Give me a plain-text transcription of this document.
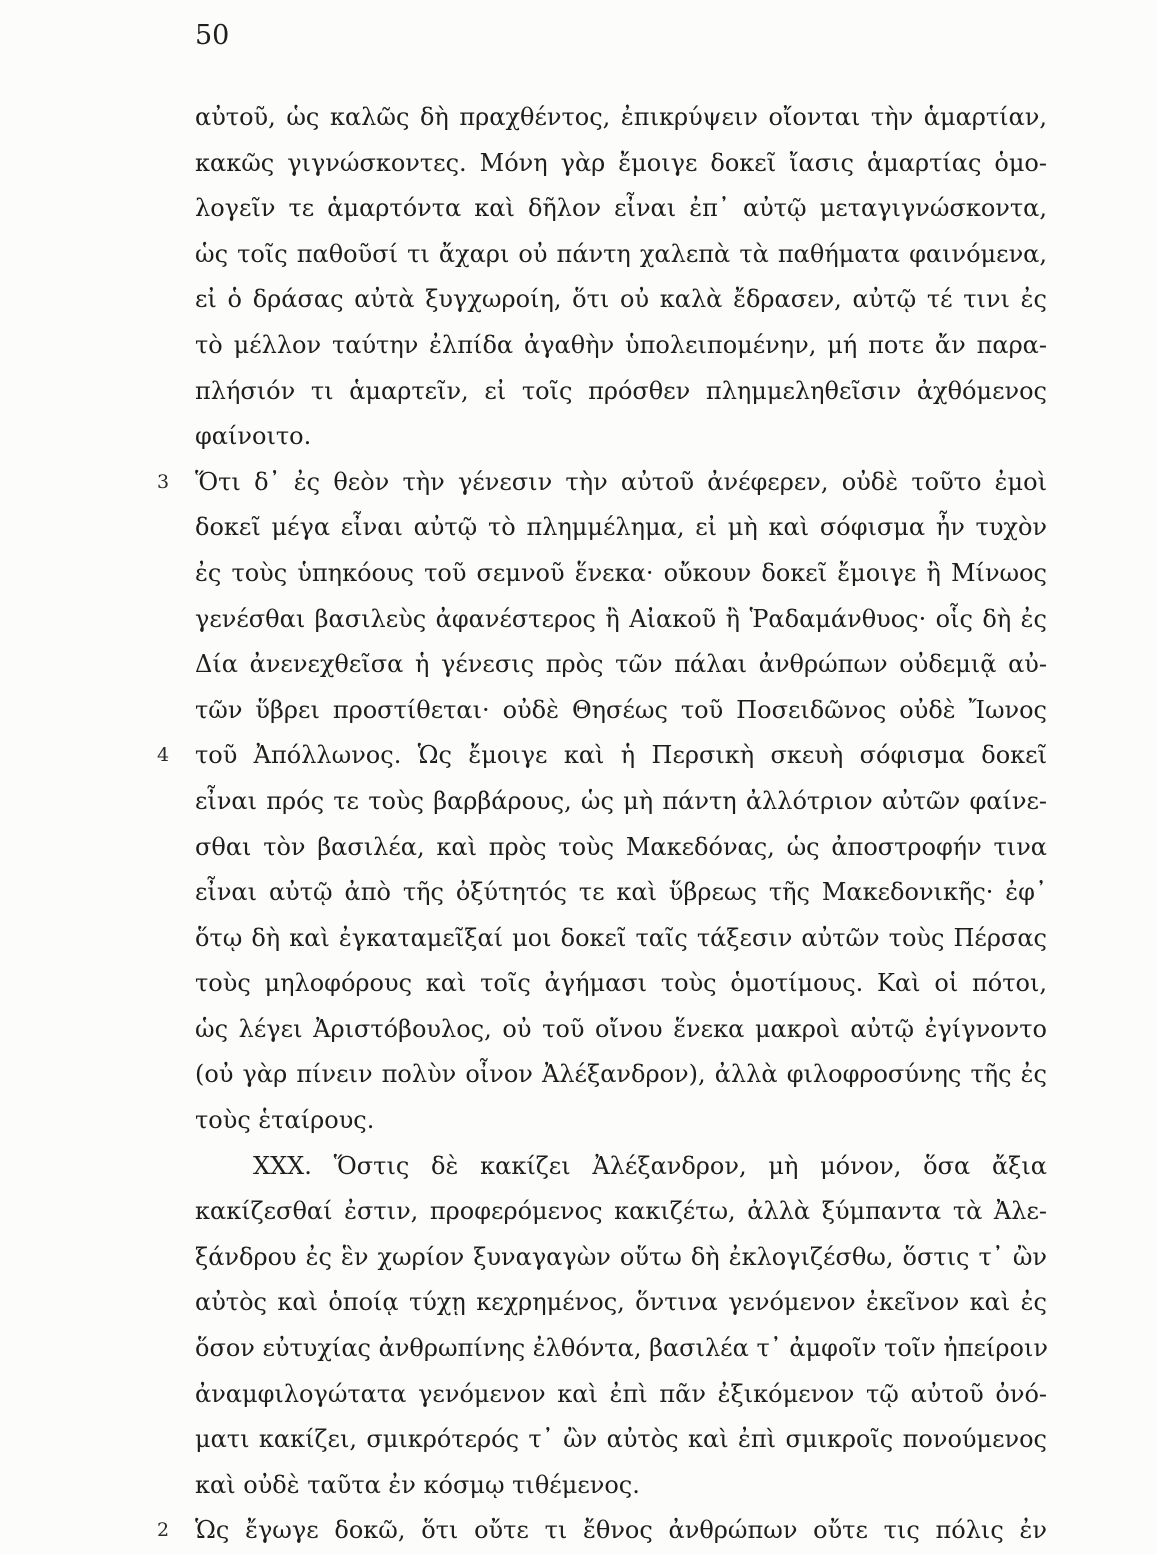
50
αὐτοῦ, ὡς καλῶς δὴ πραχθέντος, ἐπικρύψειν οἴονται τὴν ἁμαρτίαν,
κακῶς γιγνώσκοντες. Μόνη γὰρ ἔμοιγε δοκεῖ ἴασις ἁμαρτίας ὁμο-
λογεῖν τε ἁμαρτόντα καὶ δῆλον εἶναι ἐπ᾽ αὐτῷ μεταγιγνώσκοντα,
ὡς τοῖς παθοῦσί τι ἄχαρι οὐ πάντη χαλεπὰ τὰ παθήματα φαινόμενα,
εἰ ὁ δράσας αὐτὰ ξυγχωροίη, ὅτι οὐ καλὰ ἔδρασεν, αὐτῷ τέ τινι ἐς
τὸ μέλλον ταύτην ἐλπίδα ἀγαθὴν ὑπολειπομένην, μή ποτε ἄν παρα-
πλήσιόν τι ἁμαρτεῖν, εἰ τοῖς πρόσθεν πλημμεληθεῖσιν ἀχθόμενος
φαίνοιτο.
3 Ὅτι δ᾽ ἐς θεὸν τὴν γένεσιν τὴν αὐτοῦ ἀνέφερεν, οὐδὲ τοῦτο ἐμοὶ
δοκεῖ μέγα εἶναι αὐτῷ τὸ πλημμέλημα, εἰ μὴ καὶ σόφισμα ἦν τυχὸν
ἐς τοὺς ὑπηκόους τοῦ σεμνοῦ ἕνεκα· οὔκουν δοκεῖ ἔμοιγε ἢ Μίνωος
γενέσθαι βασιλεὺς ἀφανέστερος ἢ Αἰακοῦ ἢ Ῥαδαμάνθυος· οἷς δὴ ἐς
Δία ἀνενεχθεῖσα ἡ γένεσις πρὸς τῶν πάλαι ἀνθρώπων οὐδεμιᾷ αὐ-
τῶν ὕβρει προστίθεται· οὐδὲ Θησέως τοῦ Ποσειδῶνος οὐδὲ Ἴωνος
4 τοῦ Ἀπόλλωνος. Ὡς ἔμοιγε καὶ ἡ Περσικὴ σκευὴ σόφισμα δοκεῖ
εἶναι πρός τε τοὺς βαρβάρους, ὡς μὴ πάντη ἀλλότριον αὐτῶν φαίνε-
σθαι τὸν βασιλέα, καὶ πρὸς τοὺς Μακεδόνας, ὡς ἀποστροφήν τινα
εἶναι αὐτῷ ἀπὸ τῆς ὀξύτητός τε καὶ ὕβρεως τῆς Μακεδονικῆς· ἐφ᾽
ὅτῳ δὴ καὶ ἐγκαταμεῖξαί μοι δοκεῖ ταῖς τάξεσιν αὐτῶν τοὺς Πέρσας
τοὺς μηλοφόρους καὶ τοῖς ἀγήμασι τοὺς ὁμοτίμους. Καὶ οἱ πότοι,
ὡς λέγει Ἀριστόβουλος, οὐ τοῦ οἴνου ἕνεκα μακροὶ αὐτῷ ἐγίγνοντο
(οὐ γὰρ πίνειν πολὺν οἶνον Ἀλέξανδρον), ἀλλὰ φιλοφροσύνης τῆς ἐς
τοὺς ἑταίρους.
XXX. Ὅστις δὲ κακίζει Ἀλέξανδρον, μὴ μόνον, ὅσα ἄξια
κακίζεσθαί ἐστιν, προφερόμενος κακιζέτω, ἀλλὰ ξύμπαντα τὰ Ἀλε-
ξάνδρου ἐς ἓν χωρίον ξυναγαγὼν οὕτω δὴ ἐκλογιζέσθω, ὅστις τ᾽ ὢν
αὐτὸς καὶ ὁποίᾳ τύχῃ κεχρημένος, ὅντινα γενόμενον ἐκεῖνον καὶ ἐς
ὅσον εὐτυχίας ἀνθρωπίνης ἐλθόντα, βασιλέα τ᾽ ἀμφοῖν τοῖν ἠπείροιν
ἀναμφιλογώτατα γενόμενον καὶ ἐπὶ πᾶν ἐξικόμενον τῷ αὐτοῦ ὀνό-
ματι κακίζει, σμικρότερός τ᾽ ὢν αὐτὸς καὶ ἐπὶ σμικροῖς πονούμενος
καὶ οὐδὲ ταῦτα ἐν κόσμῳ τιθέμενος.
2 Ὡς ἔγωγε δοκῶ, ὅτι οὔτε τι ἔθνος ἀνθρώπων οὔτε τις πόλις ἐν
